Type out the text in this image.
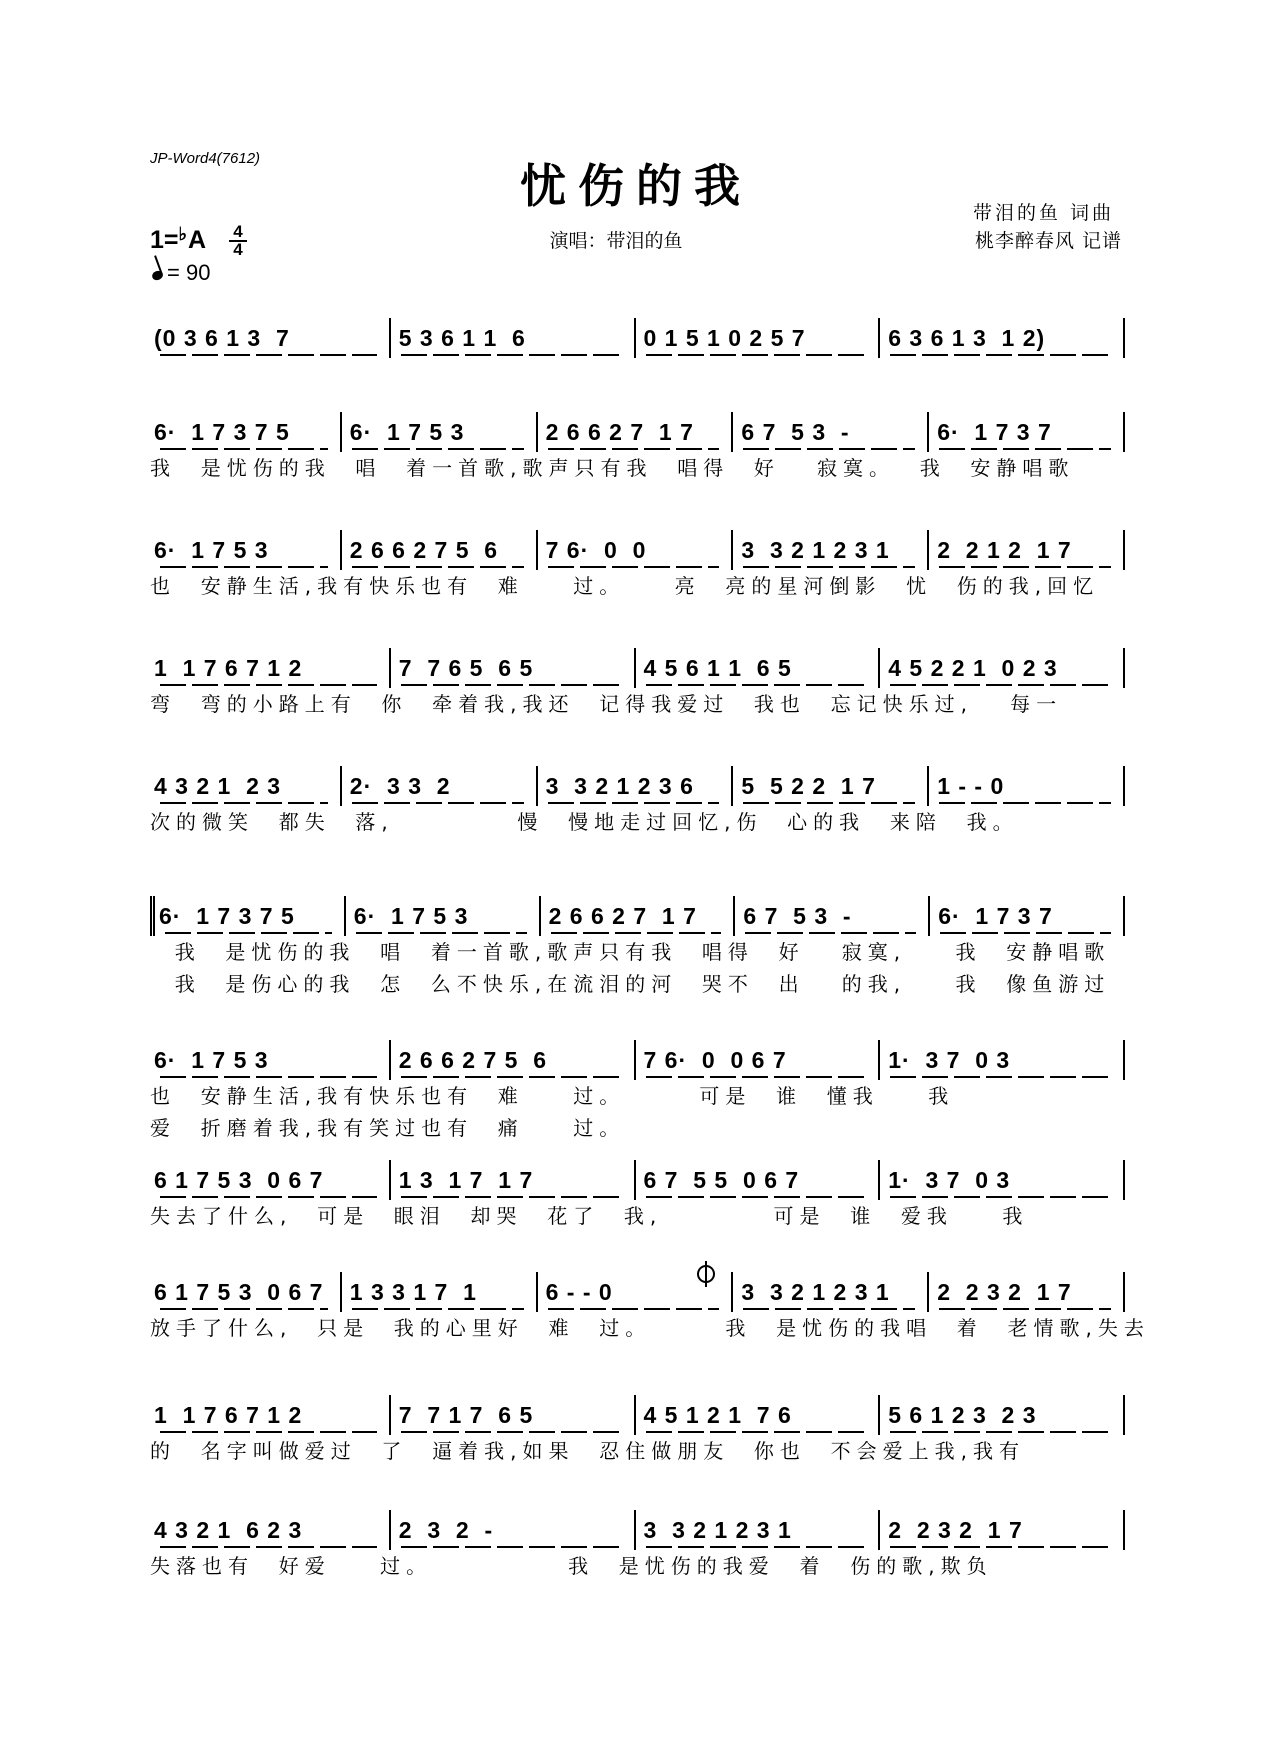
JP-Word4(7612)
忧伤的我	带泪的鱼 词曲
桃李醉春风 记谱
演唱：带泪的鱼
1=♭A	4
4
= 90
(0 3 6 1 3  7	5 3 6 1 1  6	0 1 5 1 0 2 5 7	6 3 6 1 3  1 2)
6·  1 7 3 7 5	6·  1 7 5 3	2 6 6 2 7  1 7	6 7  5 3  -	6·  1 7 3 7
我  是忧伤的我  唱  着一首歌,歌声只有我  唱得  好   寂寞。  我  安静唱歌
6·  1 7 5 3	2 6 6 2 7 5  6	7 6·  0  0	3  3 2 1 2 3 1	2  2 1 2  1 7
也  安静生活,我有快乐也有  难    过。    亮  亮的星河倒影  忧  伤的我,回忆
1  1 7 6 7 1 2	7  7 6 5  6 5	4 5 6 1 1  6 5	4 5 2 2 1  0 2 3
弯  弯的小路上有  你  牵着我,我还  记得我爱过  我也  忘记快乐过,   每一
4 3 2 1  2 3	2·  3 3  2	3  3 2 1 2 3 6	5  5 2 2  1 7	1 - - 0
次的微笑  都失  落,          慢  慢地走过回忆,伤  心的我  来陪  我。
6·  1 7 3 7 5	6·  1 7 5 3	2 6 6 2 7  1 7	6 7  5 3  -	6·  1 7 3 7
我  是忧伤的我  唱  着一首歌,歌声只有我  唱得  好   寂寞,    我  安静唱歌
我  是伤心的我  怎  么不快乐,在流泪的河  哭不  出   的我,    我  像鱼游过
6·  1 7 5 3	2 6 6 2 7 5  6	7 6·  0  0 6 7	1·  3 7  0 3
也  安静生活,我有快乐也有  难    过。      可是  谁  懂我    我
爱  折磨着我,我有笑过也有  痛    过。
6 1 7 5 3  0 6 7	1 3  1 7  1 7	6 7  5 5  0 6 7	1·  3 7  0 3
失去了什么,  可是  眼泪  却哭  花了  我,         可是  谁  爱我    我
6 1 7 5 3  0 6 7	1 3 3 1 7  1	6 - - 0	3  3 2 1 2 3 1	2  2 3 2  1 7
放手了什么,  只是  我的心里好  难  过。      我  是忧伤的我唱  着  老情歌,失去
1  1 7 6 7 1 2	7  7 1 7  6 5	4 5 1 2 1  7 6	5 6 1 2 3  2 3
的  名字叫做爱过  了  逼着我,如果  忍住做朋友  你也  不会爱上我,我有
4 3 2 1  6 2 3	2  3  2  -	3  3 2 1 2 3 1	2  2 3 2  1 7
失落也有  好爱    过。           我  是忧伤的我爱  着  伤的歌,欺负
